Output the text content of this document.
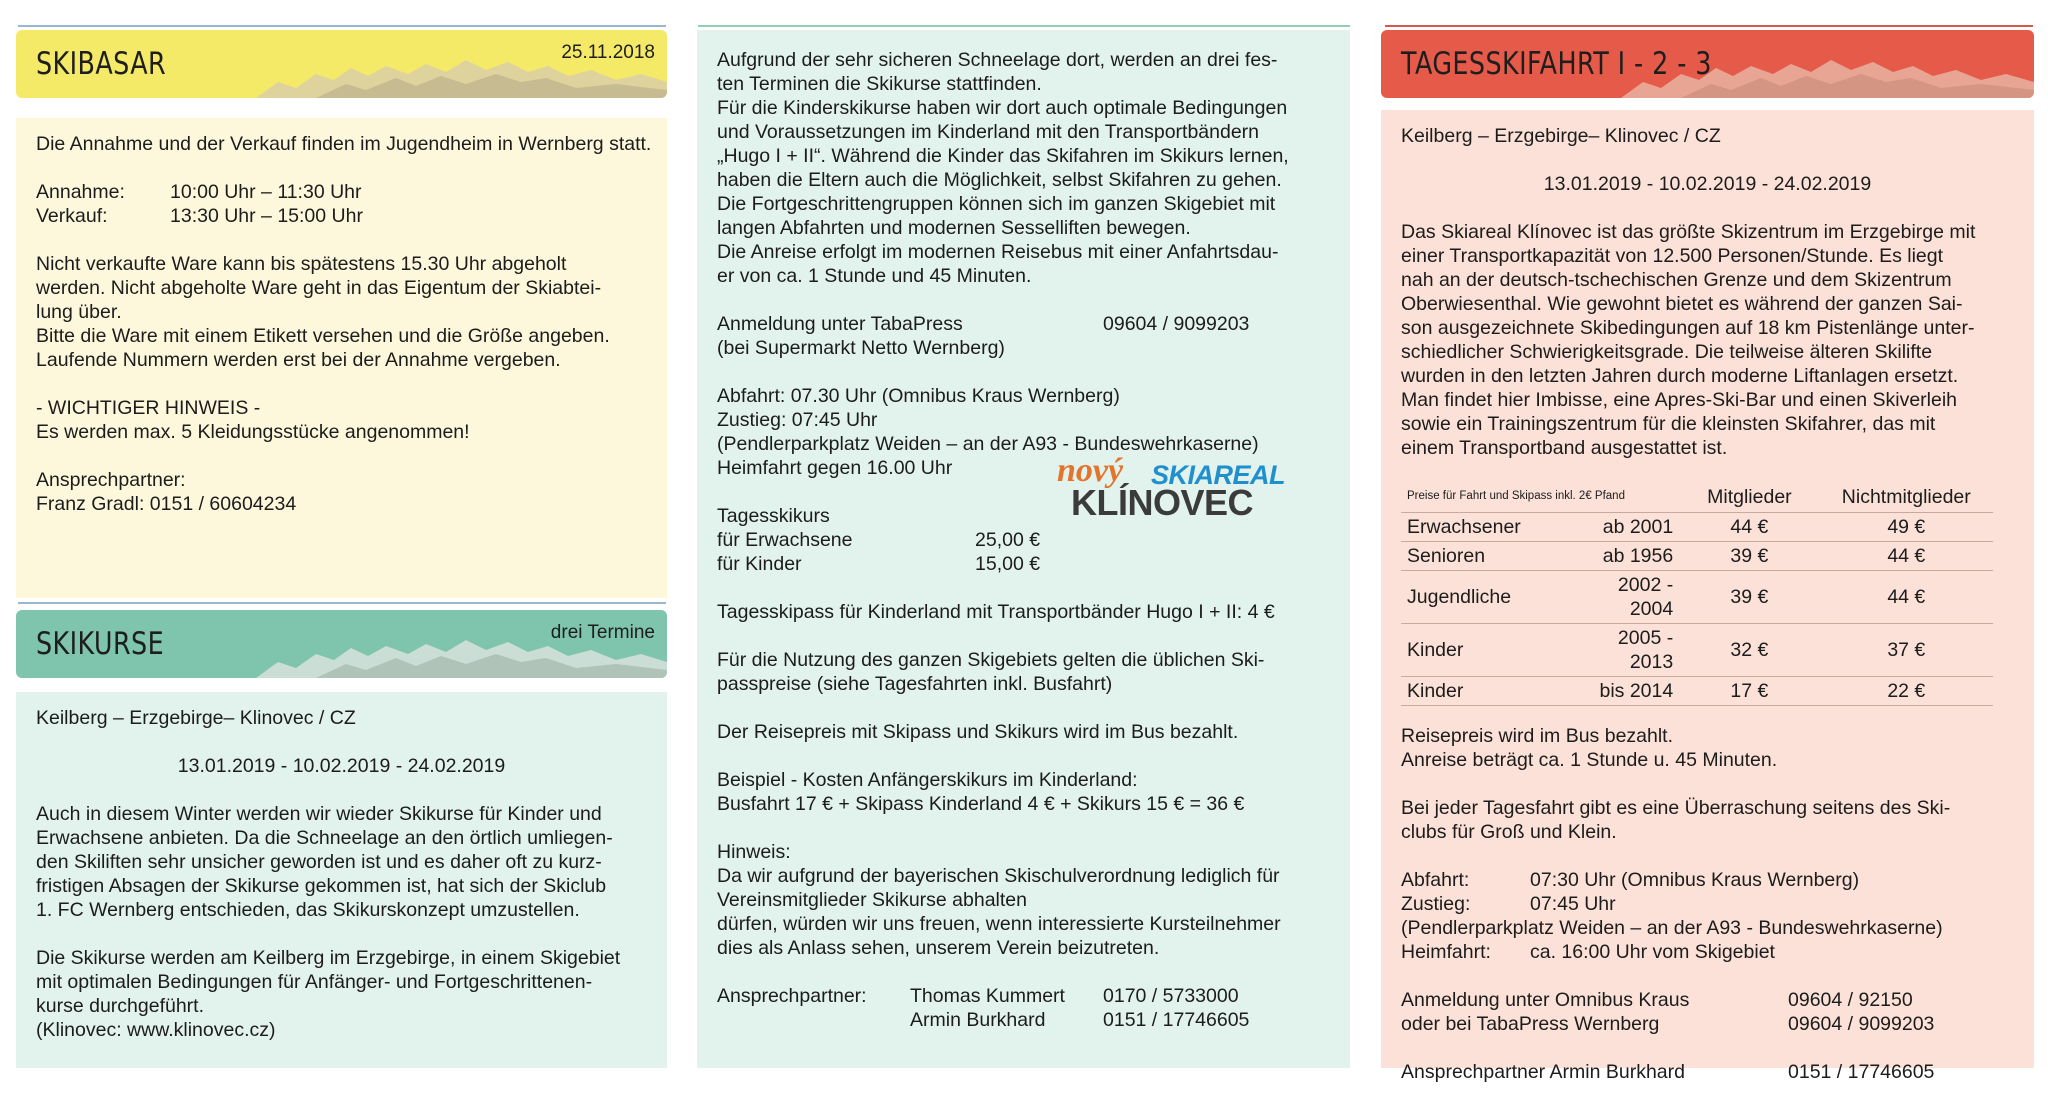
SKIBASAR	25.11.2018

Die Annahme und der Verkauf finden im Jugendheim in Wernberg statt.

Annahme:	10:00 Uhr – 11:30 Uhr
Verkauf:	13:30 Uhr – 15:00 Uhr

Nicht verkaufte Ware kann bis spätestens 15.30 Uhr abgeholt

werden. Nicht abgeholte Ware geht in das Eigentum der Skiabtei-

lung über.

Bitte die Ware mit einem Etikett versehen und die Größe angeben.

Laufende Nummern werden erst bei der Annahme vergeben.

- WICHTIGER HINWEIS -

Es werden max. 5 Kleidungsstücke angenommen!

Ansprechpartner:

Franz Gradl: 0151 / 60604234

SKIKURSE	drei Termine

Keilberg – Erzgebirge– Klinovec / CZ

13.01.2019 - 10.02.2019 - 24.02.2019

Auch in diesem Winter werden wir wieder Skikurse für Kinder und

Erwachsene anbieten. Da die Schneelage an den örtlich umliegen-

den Skiliften sehr unsicher geworden ist und es daher oft zu kurz-

fristigen Absagen der Skikurse gekommen ist, hat sich der Skiclub

1. FC Wernberg entschieden, das Skikurskonzept umzustellen.

Die Skikurse werden am Keilberg im Erzgebirge, in einem Skigebiet

mit optimalen Bedingungen für Anfänger- und Fortgeschrittenen-

kurse durchgeführt.

(Klinovec: www.klinovec.cz)

Aufgrund der sehr sicheren Schneelage dort, werden an drei fes-

ten Terminen die Skikurse stattfinden.

Für die Kinderskikurse haben wir dort auch optimale Bedingungen

und Voraussetzungen im Kinderland mit den Transportbändern

„Hugo I + II“. Während die Kinder das Skifahren im Skikurs lernen,

haben die Eltern auch die Möglichkeit, selbst Skifahren zu gehen.

Die Fortgeschrittengruppen können sich im ganzen Skigebiet mit

langen Abfahrten und modernen Sesselliften bewegen.

Die Anreise erfolgt im modernen Reisebus mit einer Anfahrtsdau-

er von ca. 1 Stunde und 45 Minuten.

Anmeldung unter TabaPress	09604 / 9099203

(bei Supermarkt Netto Wernberg)

Abfahrt: 07.30 Uhr (Omnibus Kraus Wernberg)

Zustieg: 07:45 Uhr

(Pendlerparkplatz Weiden – an der A93 - Bundeswehrkaserne)

Heimfahrt gegen 16.00 Uhr

Tagesskikurs

für Erwachsene	25,00 €
für Kinder	15,00 €

Tagesskipass für Kinderland mit Transportbänder Hugo I + II: 4 €

Für die Nutzung des ganzen Skigebiets gelten die üblichen Ski-

passpreise (siehe Tagesfahrten inkl. Busfahrt)

Der Reisepreis mit Skipass und Skikurs wird im Bus bezahlt.

Beispiel - Kosten Anfängerskikurs im Kinderland:

Busfahrt 17 € + Skipass Kinderland 4 € + Skikurs 15 € = 36 €

Hinweis:

Da wir aufgrund der bayerischen Skischulverordnung lediglich für

Vereinsmitglieder Skikurse abhalten

dürfen, würden wir uns freuen, wenn interessierte Kursteilnehmer

dies als Anlass sehen, unserem Verein beizutreten.

Ansprechpartner:	Thomas Kummert	0170 / 5733000
Armin Burkhard	0151 / 17746605
nový SKIAREAL
KLÍNOVEC
TAGESSKIFAHRT I - 2 - 3

Keilberg – Erzgebirge– Klinovec / CZ

13.01.2019 - 10.02.2019 - 24.02.2019

Das Skiareal Klínovec ist das größte Skizentrum im Erzgebirge mit

einer Transportkapazität von 12.500 Personen/Stunde. Es liegt

nah an der deutsch-tschechischen Grenze und dem Skizentrum

Oberwiesenthal. Wie gewohnt bietet es während der ganzen Sai-

son ausgezeichnete Skibedingungen auf 18 km Pistenlänge unter-

schiedlicher Schwierigkeitsgrade. Die teilweise älteren Skilifte

wurden in den letzten Jahren durch moderne Liftanlagen ersetzt.

Man findet hier Imbisse, eine Apres-Ski-Bar und einen Skiverleih

sowie ein Trainingszentrum für die kleinsten Skifahrer, das mit

einem Transportband ausgestattet ist.

Preise für Fahrt und Skipass inkl. 2€ Pfand		Mitglieder	Nichtmitglieder
Erwachsener	ab 2001	44 €	49 €
Senioren	ab 1956	39 €	44 €
Jugendliche	2002 - 2004	39 €	44 €
Kinder	2005 - 2013	32 €	37 €
Kinder	bis 2014	17 €	22 €

Reisepreis wird im Bus bezahlt.

Anreise beträgt ca. 1 Stunde u. 45 Minuten.

Bei jeder Tagesfahrt gibt es eine Überraschung seitens des Ski-

clubs für Groß und Klein.

Abfahrt:	07:30 Uhr (Omnibus Kraus Wernberg)
Zustieg:	07:45 Uhr

(Pendlerparkplatz Weiden – an der A93 - Bundeswehrkaserne)

Heimfahrt:	ca. 16:00 Uhr vom Skigebiet
Anmeldung unter Omnibus Kraus	09604 / 92150
oder bei TabaPress Wernberg	09604 / 9099203
Ansprechpartner Armin Burkhard	0151 / 17746605
